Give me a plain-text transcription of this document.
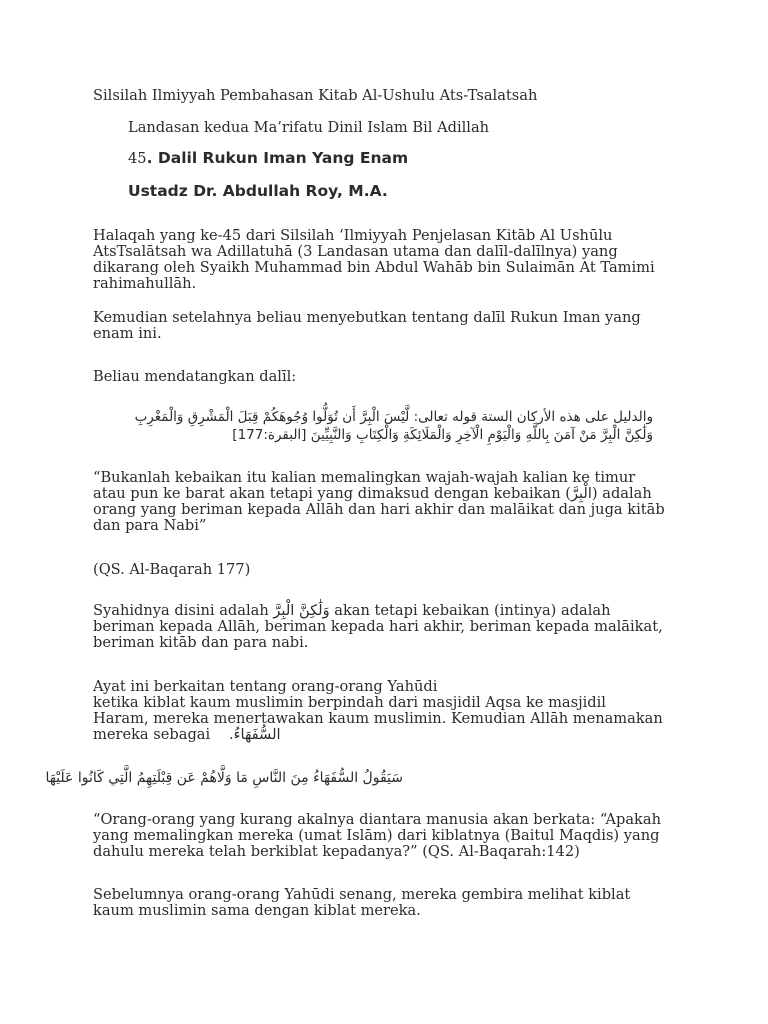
Silsilah Ilmiyyah Pembahasan Kitab Al-Ushulu Ats-Tsalatsah
Landasan kedua Ma’rifatu Dinil Islam Bil Adillah
45. Dalil Rukun Iman Yang Enam
Ustadz Dr. Abdullah Roy, M.A.
Halaqah yang ke-45 dari Silsilah ‘Ilmiyyah Penjelasan Kitāb Al Ushūlu
AtsTsalātsah wa Adillatuhā (3 Landasan utama dan dalīl-dalīlnya) yang
dikarang oleh Syaikh Muhammad bin Abdul Wahāb bin Sulaimān At Tamimi
rahimahullāh.
Kemudian setelahnya beliau menyebutkan tentang dalīl Rukun Iman yang
enam ini.
Beliau mendatangkan dalīl:
والدليل على هذه الأركان الستة قوله تعالى: لَّيْسَ الْبِرَّ أَن تُوَلُّوا وُجُوهَكُمْ قِبَلَ الْمَشْرِقِ وَالْمَغْرِبِ
وَلَٰكِنَّ الْبِرَّ مَنْ آمَنَ بِاللَّهِ وَالْيَوْمِ الْآخِرِ وَالْمَلَائِكَةِ وَالْكِتَابِ وَالنَّبِيِّينَ [البقرة:177]
“Bukanlah kebaikan itu kalian memalingkan wajah-wajah kalian ke timur
atau pun ke barat akan tetapi yang dimaksud dengan kebaikan (الْبِرَّ) adalah
orang yang beriman kepada Allāh dan hari akhir dan malāikat dan juga kitāb
dan para Nabi”
(QS. Al-Baqarah 177)
Syahidnya disini adalah وَلَٰكِنَّ الْبِرَّ akan tetapi kebaikan (intinya) adalah
beriman kepada Allāh, beriman kepada hari akhir, beriman kepada malāikat,
beriman kitāb dan para nabi.
Ayat ini berkaitan tentang orang-orang Yahūdi
ketika kiblat kaum muslimin berpindah dari masjidil Aqsa ke masjidil
Haram, mereka menertawakan kaum muslimin. Kemudian Allāh menamakan
mereka sebagai السُّفَهَاءُ.
سَيَقُولُ السُّفَهَاءُ مِنَ النَّاسِ مَا وَلَّاهُمْ عَن قِبْلَتِهِمُ الَّتِي كَانُوا عَلَيْهَا
“Orang-orang yang kurang akalnya diantara manusia akan berkata: “Apakah
yang memalingkan mereka (umat Islām) dari kiblatnya (Baitul Maqdis) yang
dahulu mereka telah berkiblat kepadanya?” (QS. Al-Baqarah:142)
Sebelumnya orang-orang Yahūdi senang, mereka gembira melihat kiblat
kaum muslimin sama dengan kiblat mereka.
